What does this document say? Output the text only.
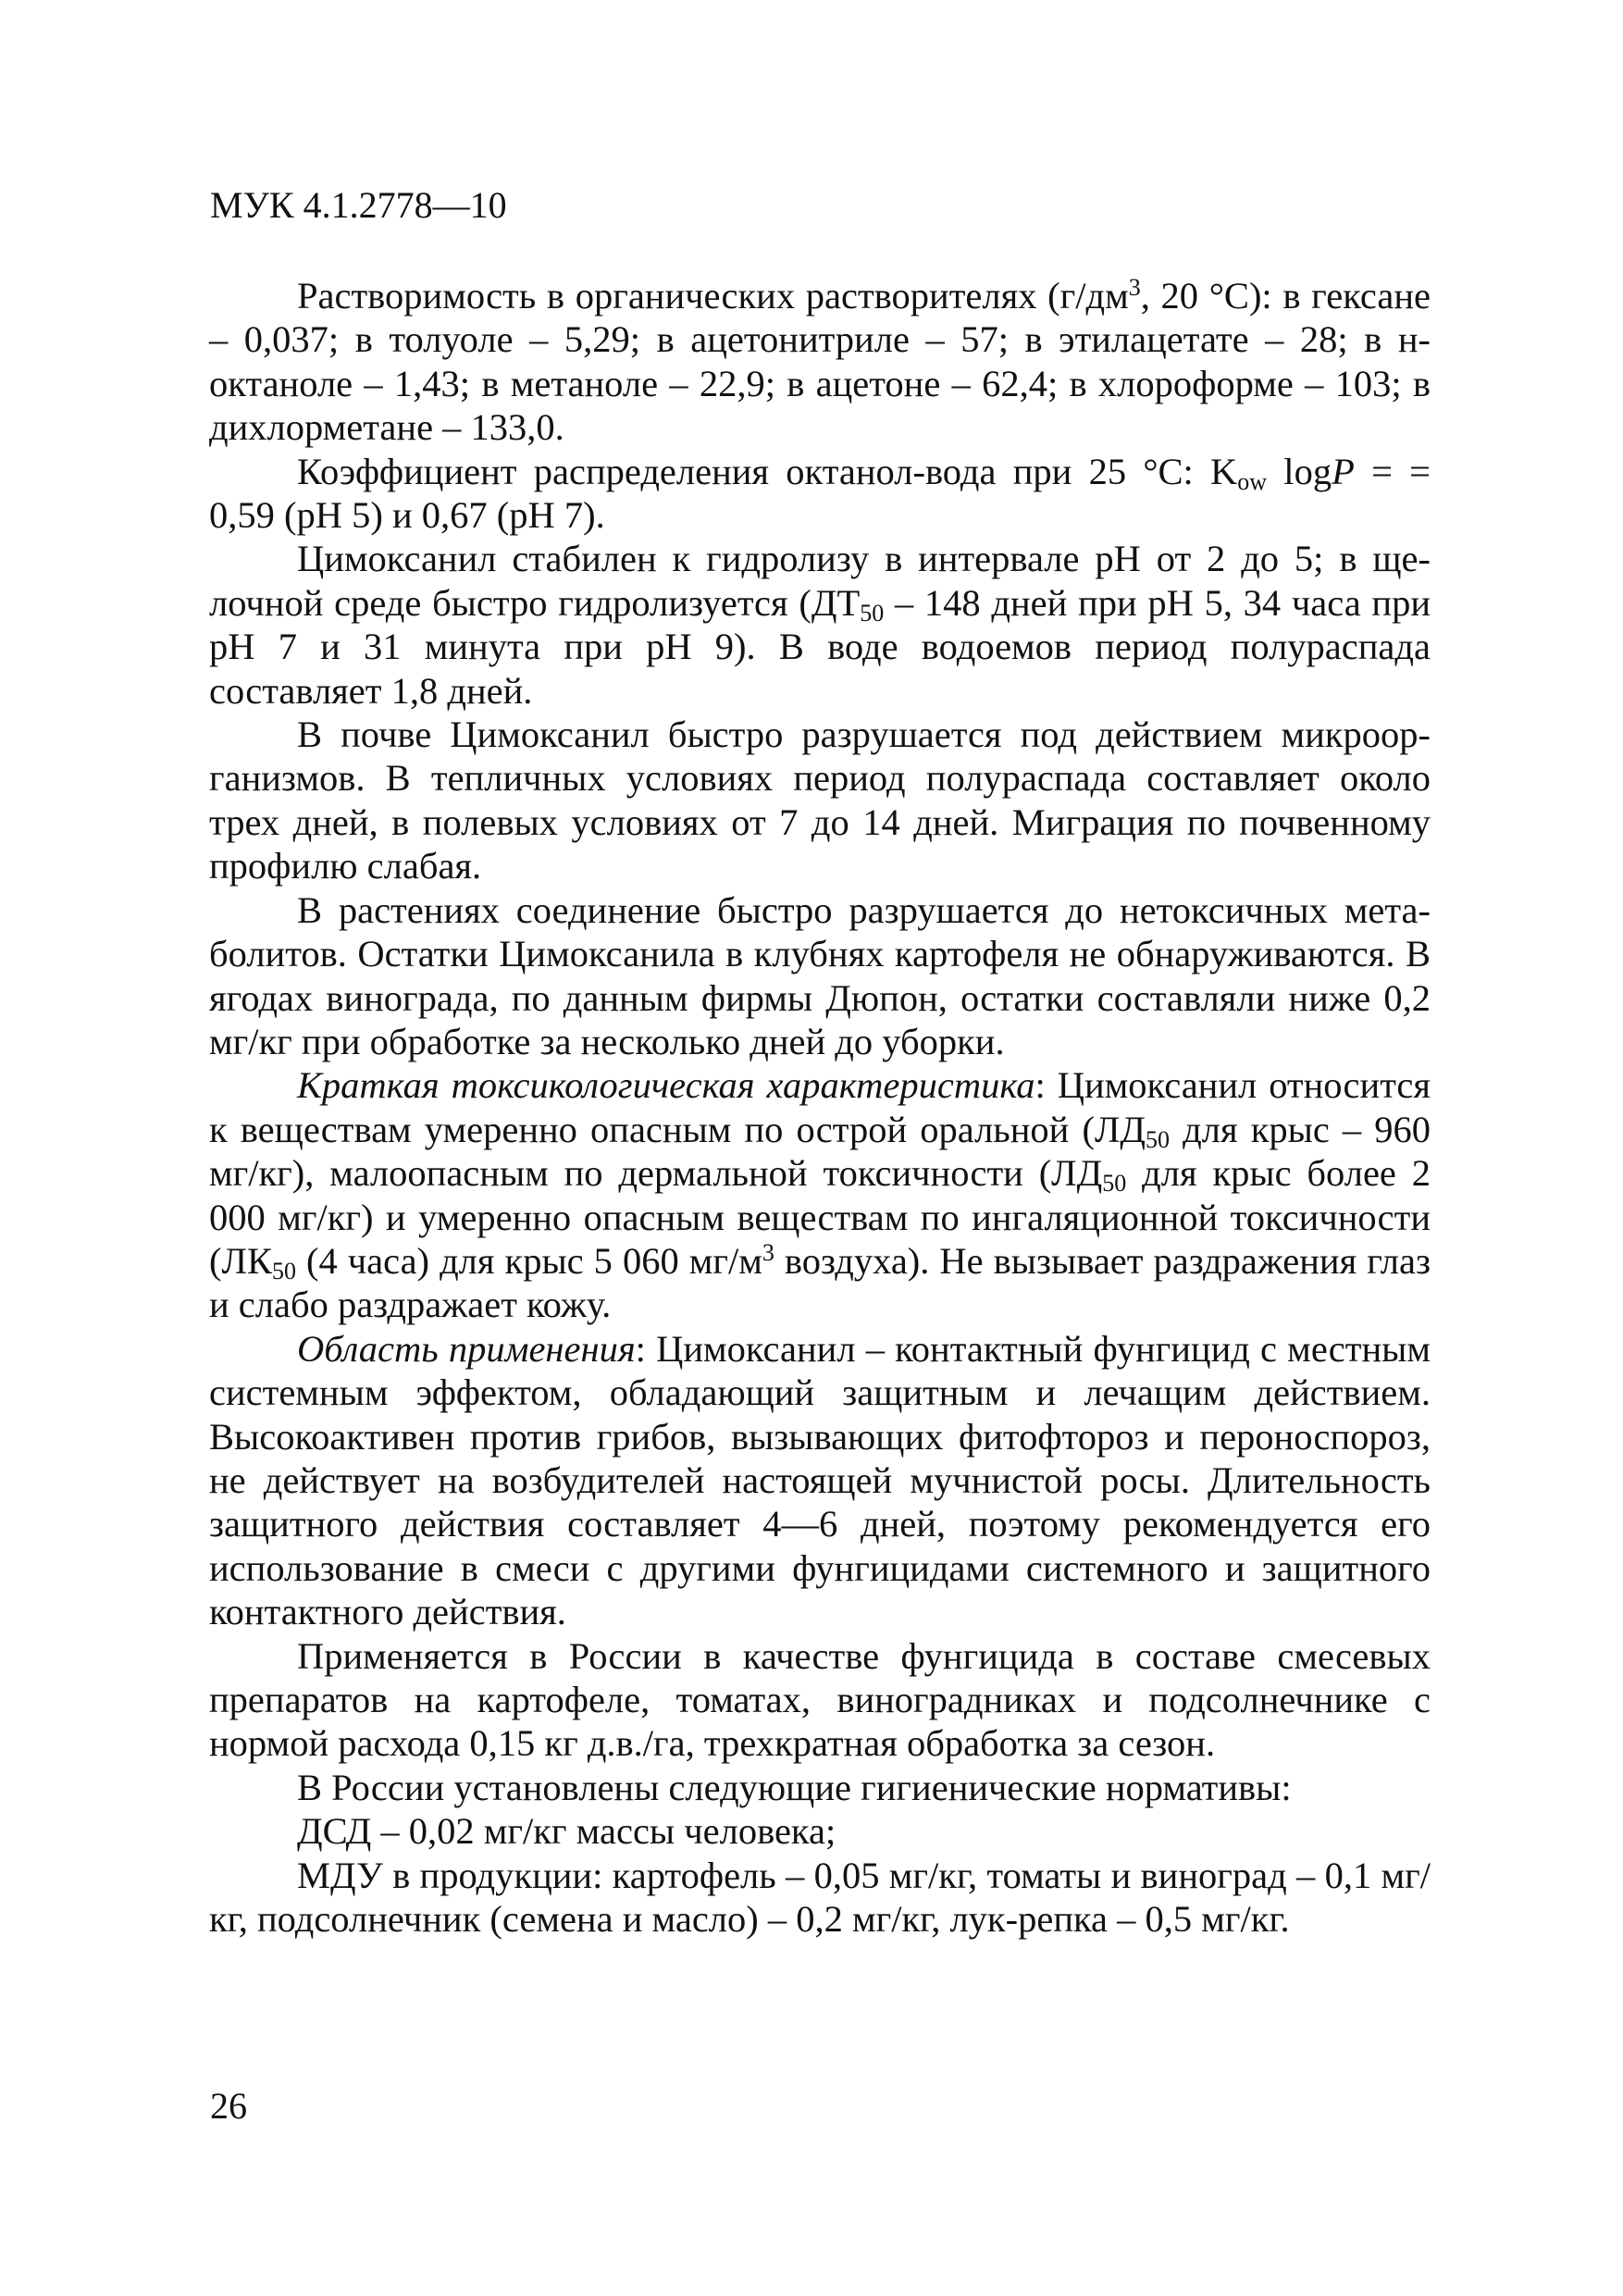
МУК 4.1.2778—10

Растворимость в органических растворителях ($г/дм^3$, 20 °С): в гексане – 0,037; в толуоле – 5,29; в ацетонитриле – 57; в этилацетате – 28; в н-октаноле – 1,43; в метаноле – 22,9; в ацетоне – 62,4; в хлороформе – 103; в дихлорметане – 133,0.

Коэффициент распределения октанол-вода при 25 °С: $K_{ow}$ logP = = 0,59 (рН 5) и 0,67 (рН 7).

Цимоксанил стабилен к гидролизу в интервале рН от 2 до 5; в щелочной среде быстро гидролизуется ($ДТ_{50} - 148$ дней при рН 5, 34 часа при рН 7 и 31 минута при рН 9). В воде водоемов период полураспада составляет 1,8 дней.

В почве Цимоксанил быстро разрушается под действием микроорганизмов. В тепличных условиях период полураспада составляет около трех дней, в полевых условиях от 7 до 14 дней. Миграция по почвенному профилю слабая.

В растениях соединение быстро разрушается до нетоксичных метаболитов. Остатки Цимоксанила в клубнях картофеля не обнаруживаются. В ягодах винограда, по данным фирмы Дюпон, остатки составляли ниже 0,2 мг/кг при обработке за несколько дней до уборки.

Краткая токсикологическая характеристика: Цимоксанил относится к веществам умеренно опасным по острой оральной ($ЛД_{50}$ для крыс – 960 мг/кг), малоопасным по дермальной токсичности ($ЛД_{50}$ для крыс более 2 000 мг/кг) и умеренно опасным веществам по ингаляционной токсичности ($ЛК_{50}$ (4 часа) для крыс 5 060 $мг/м^3$ воздуха). Не вызывает раздражения глаз и слабо раздражает кожу.

Область применения: Цимоксанил – контактный фунгицид с местным системным эффектом, обладающий защитным и лечащим действием. Высокоактивен против грибов, вызывающих фитофтороз и пероноспороз, не действует на возбудителей настоящей мучнистой росы. Длительность защитного действия составляет 4—6 дней, поэтому рекомендуется его использование в смеси с другими фунгицидами системного и защитного контактного действия.

Применяется в России в качестве фунгицида в составе смесевых препаратов на картофеле, томатах, виноградниках и подсолнечнике с нормой расхода 0,15 кг д.в./га, трехкратная обработка за сезон.

В России установлены следующие гигиенические нормативы:

ДСД – 0,02 мг/кг массы человека;

МДУ в продукции: картофель – 0,05 мг/кг, томаты и виноград – 0,1 мг/кг, подсолнечник (семена и масло) – 0,2 мг/кг, лук-репка – 0,5 мг/кг.

26
